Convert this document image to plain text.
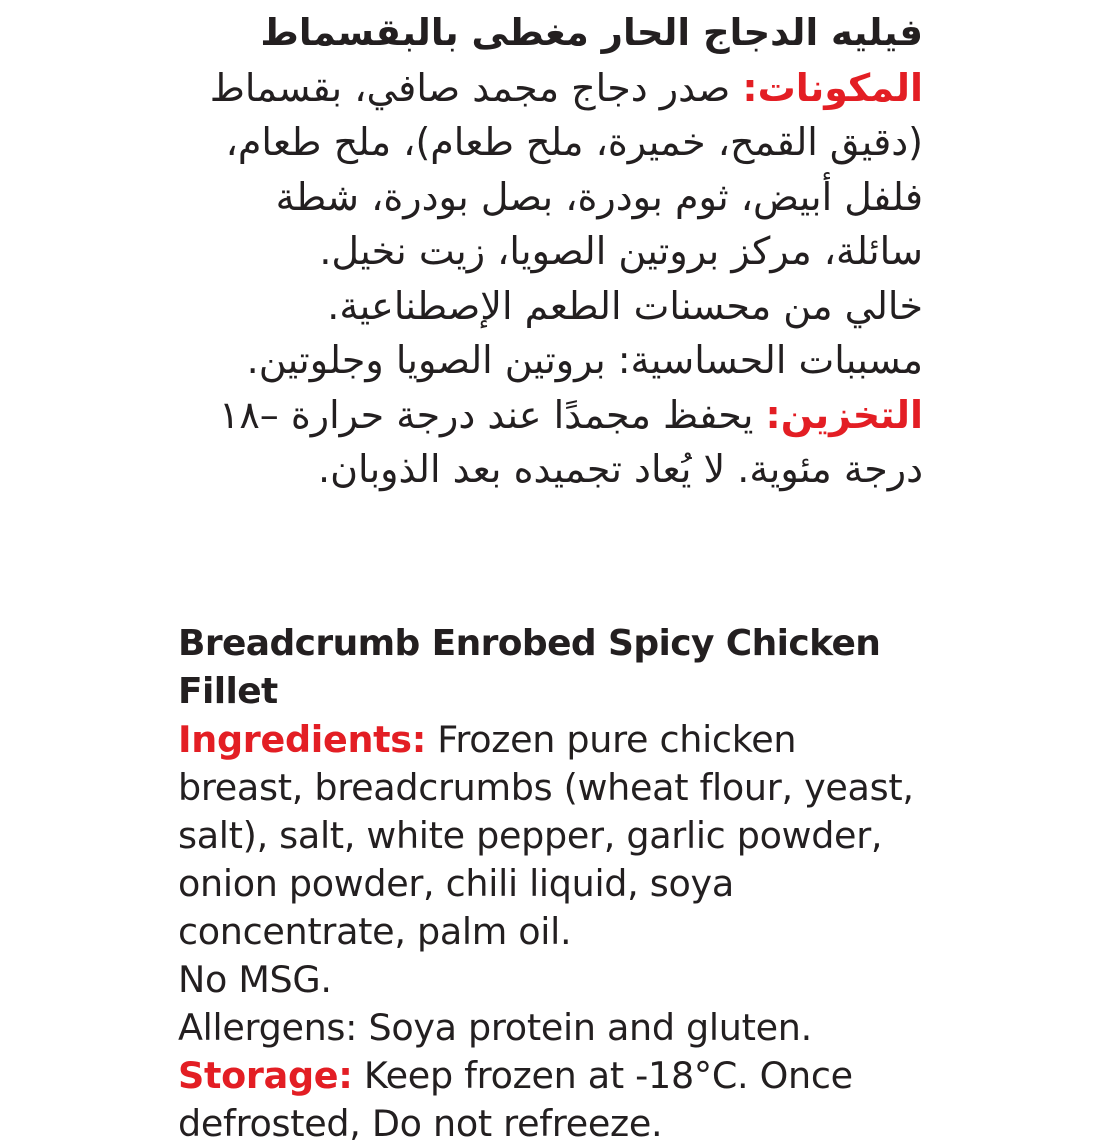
فيليه الدجاج الحار مغطى بالبقسماط

المكونات: صدر دجاج مجمد صافي، بقسماط (دقيق القمح، خميرة، ملح طعام)، ملح طعام، فلفل أبيض، ثوم بودرة، بصل بودرة، شطة سائلة، مركز بروتين الصويا، زيت نخيل.

خالي من محسنات الطعم الإصطناعية.

مسببات الحساسية: بروتين الصويا وجلوتين.

التخزين: يحفظ مجمدًا عند درجة حرارة –١٨ درجة مئوية. لا يُعاد تجميده بعد الذوبان.

Breadcrumb Enrobed Spicy Chicken Fillet

Ingredients: Frozen pure chicken breast, breadcrumbs (wheat flour, yeast, salt), salt, white pepper, garlic powder, onion powder, chili liquid, soya concentrate, palm oil.

No MSG.

Allergens: Soya protein and gluten.

Storage: Keep frozen at -18°C. Once defrosted, Do not refreeze.
